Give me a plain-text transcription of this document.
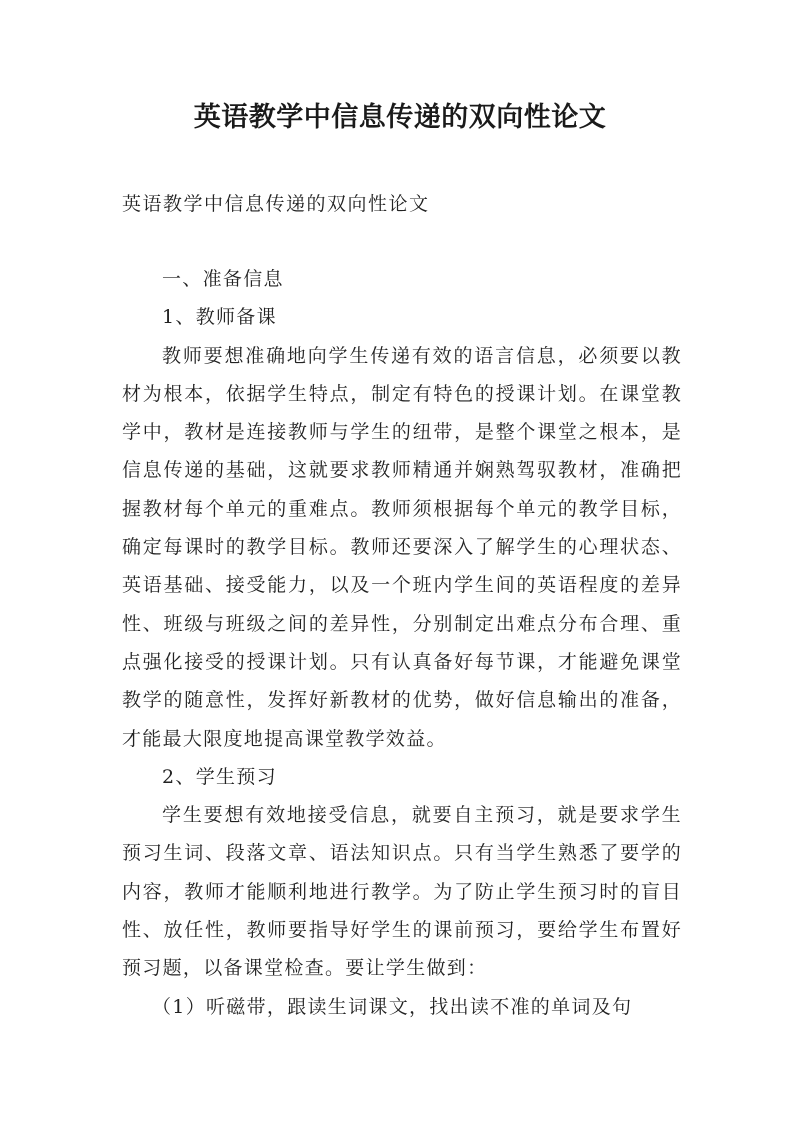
英语教学中信息传递的双向性论文
英语教学中信息传递的双向性论文

一、准备信息

1、教师备课

教师要想准确地向学生传递有效的语言信息，必须要以教材为根本，依据学生特点，制定有特色的授课计划。在课堂教学中，教材是连接教师与学生的纽带，是整个课堂之根本，是信息传递的基础，这就要求教师精通并娴熟驾驭教材，准确把握教材每个单元的重难点。教师须根据每个单元的教学目标，确定每课时的教学目标。教师还要深入了解学生的心理状态、英语基础、接受能力，以及一个班内学生间的英语程度的差异性、班级与班级之间的差异性，分别制定出难点分布合理、重点强化接受的授课计划。只有认真备好每节课，才能避免课堂教学的随意性，发挥好新教材的优势，做好信息输出的准备，才能最大限度地提高课堂教学效益。

2、学生预习

学生要想有效地接受信息，就要自主预习，就是要求学生预习生词、段落文章、语法知识点。只有当学生熟悉了要学的内容，教师才能顺利地进行教学。为了防止学生预习时的盲目性、放任性，教师要指导好学生的课前预习，要给学生布置好预习题，以备课堂检查。要让学生做到：

（1）听磁带，跟读生词课文，找出读不准的单词及句
